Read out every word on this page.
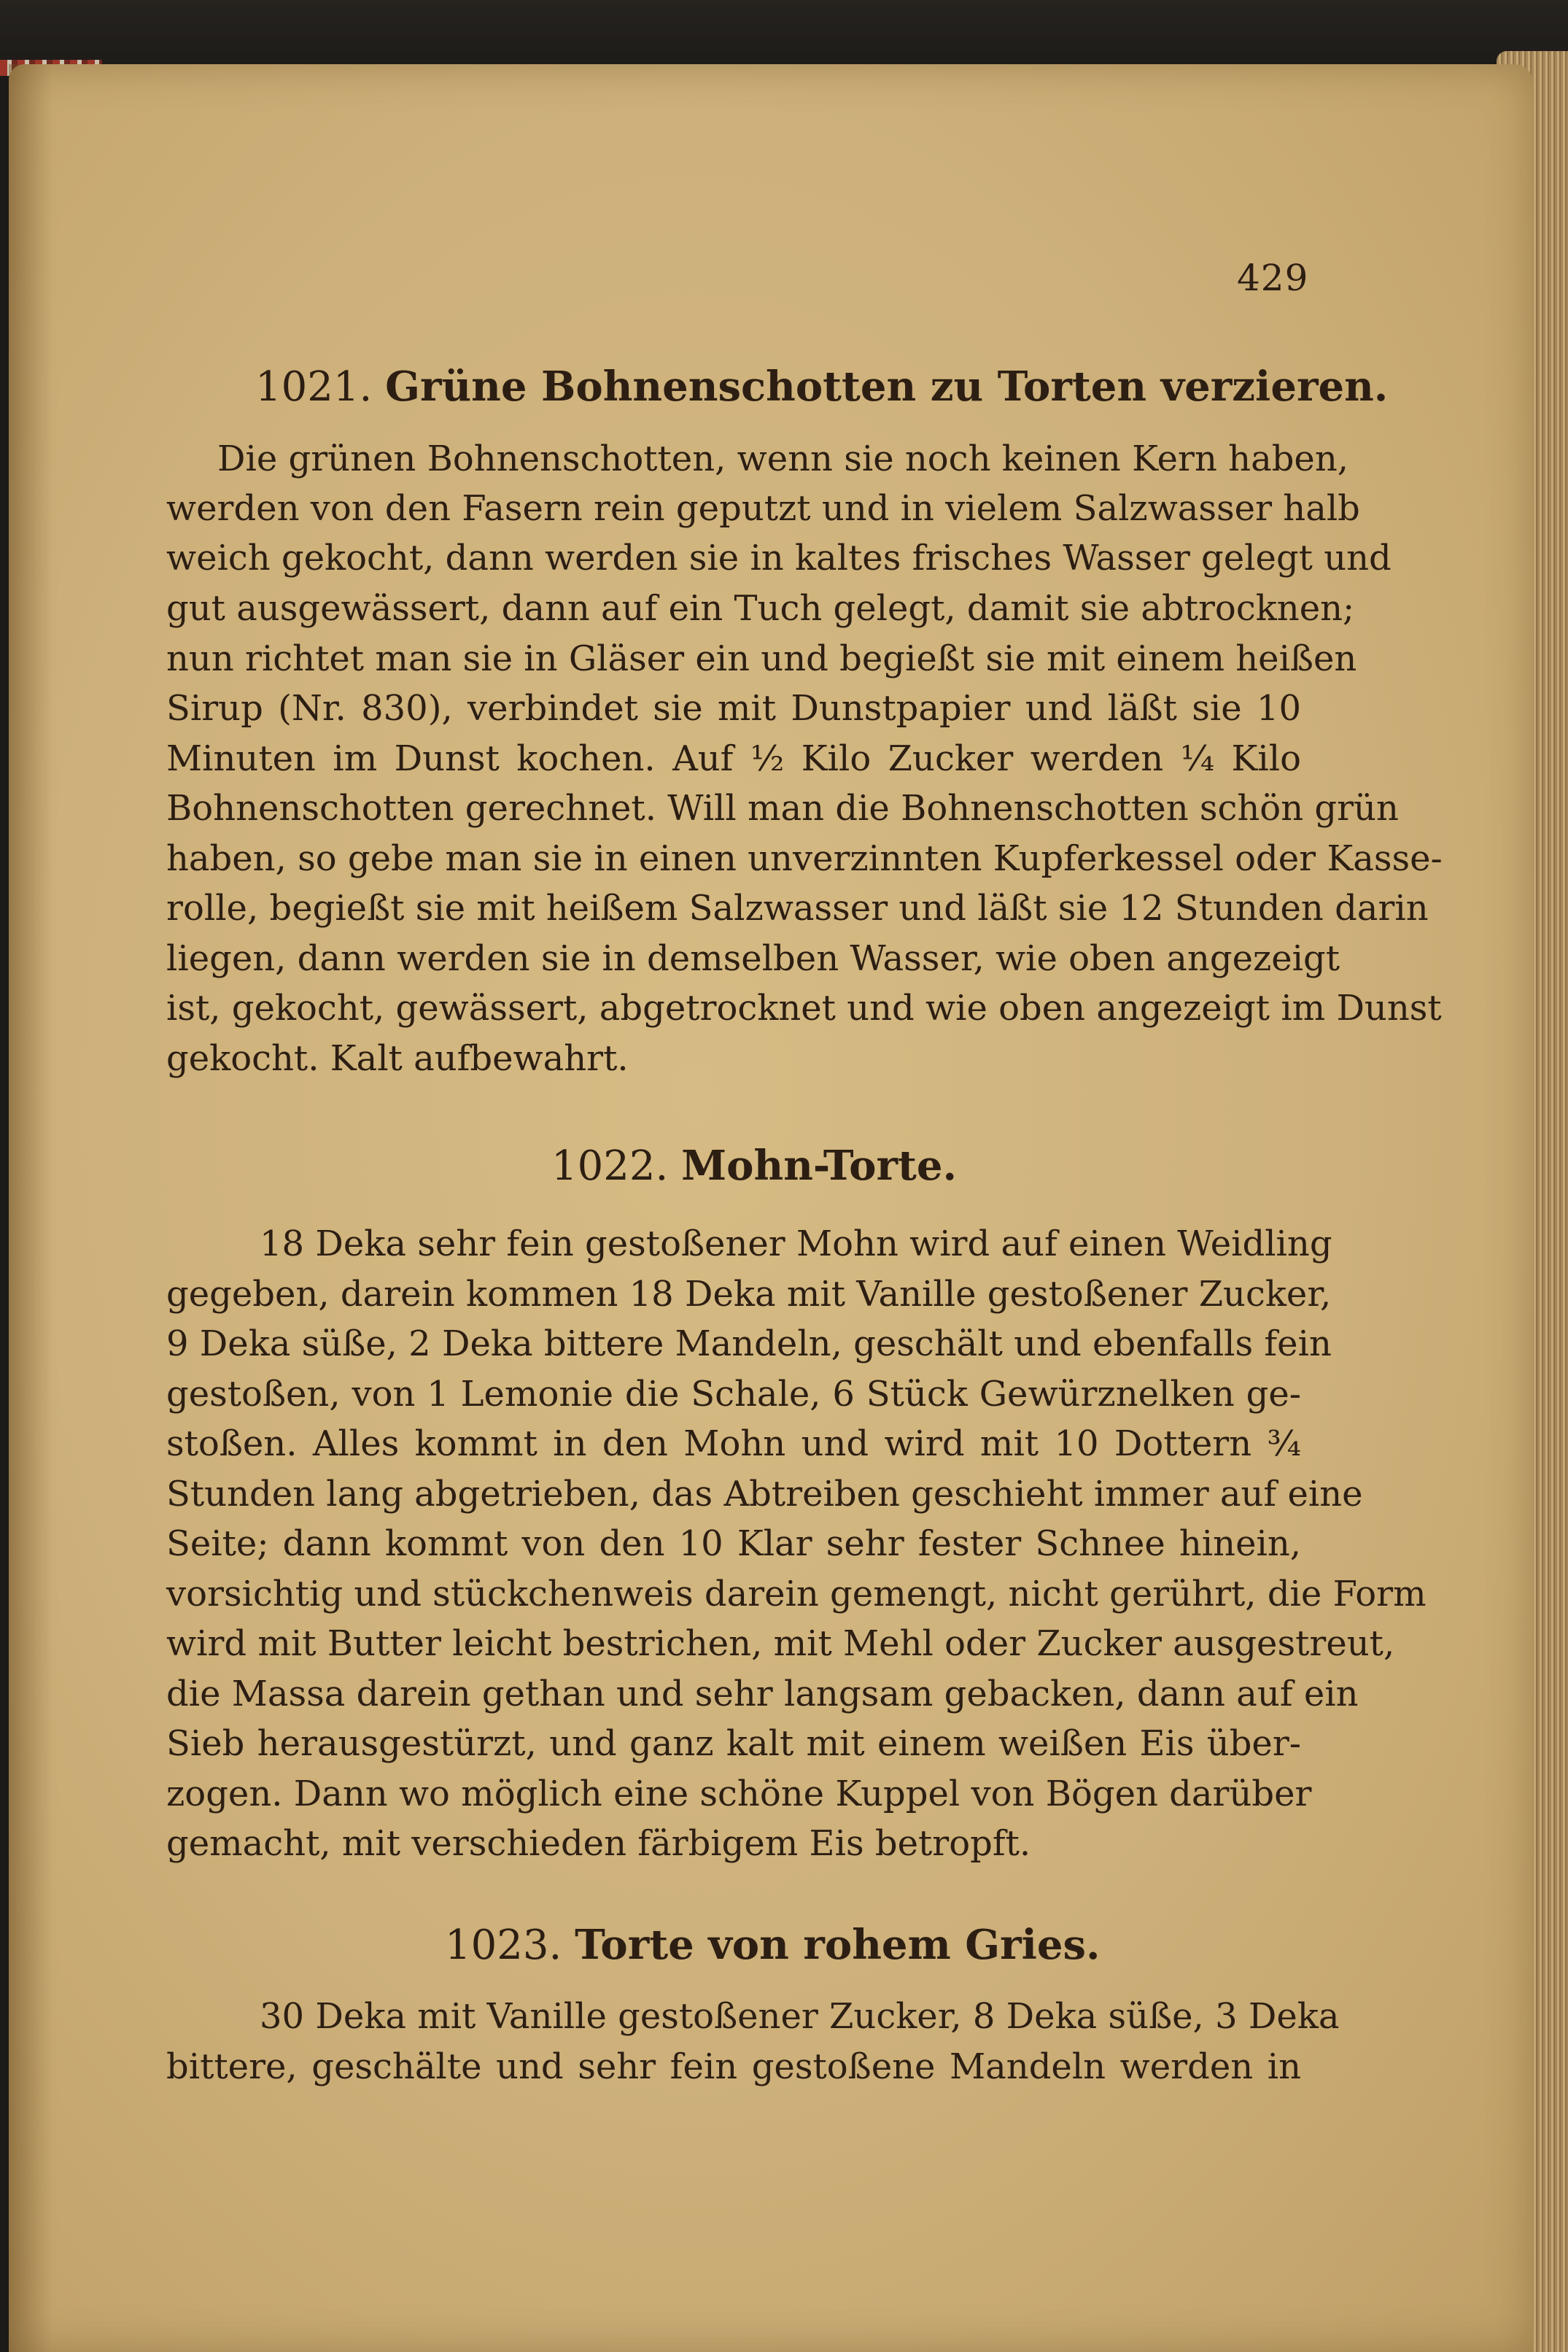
429
1021. Grüne Bohnenschotten zu Torten verzieren.
Die grünen Bohnenschotten, wenn sie noch keinen Kern haben,
werden von den Fasern rein geputzt und in vielem Salzwasser halb
weich gekocht, dann werden sie in kaltes frisches Wasser gelegt und
gut ausgewässert, dann auf ein Tuch gelegt, damit sie abtrocknen;
nun richtet man sie in Gläser ein und begießt sie mit einem heißen
Sirup (Nr. 830), verbindet sie mit Dunstpapier und läßt sie 10
Minuten im Dunst kochen. Auf ½ Kilo Zucker werden ¼ Kilo
Bohnenschotten gerechnet. Will man die Bohnenschotten schön grün
haben, so gebe man sie in einen unverzinnten Kupferkessel oder Kasse-
rolle, begießt sie mit heißem Salzwasser und läßt sie 12 Stunden darin
liegen, dann werden sie in demselben Wasser, wie oben angezeigt
ist, gekocht, gewässert, abgetrocknet und wie oben angezeigt im Dunst
gekocht. Kalt aufbewahrt.
1022. Mohn-Torte.
18 Deka sehr fein gestoßener Mohn wird auf einen Weidling
gegeben, darein kommen 18 Deka mit Vanille gestoßener Zucker,
9 Deka süße, 2 Deka bittere Mandeln, geschält und ebenfalls fein
gestoßen, von 1 Lemonie die Schale, 6 Stück Gewürznelken ge-
stoßen. Alles kommt in den Mohn und wird mit 10 Dottern ¾
Stunden lang abgetrieben, das Abtreiben geschieht immer auf eine
Seite; dann kommt von den 10 Klar sehr fester Schnee hinein,
vorsichtig und stückchenweis darein gemengt, nicht gerührt, die Form
wird mit Butter leicht bestrichen, mit Mehl oder Zucker ausgestreut,
die Massa darein gethan und sehr langsam gebacken, dann auf ein
Sieb herausgestürzt, und ganz kalt mit einem weißen Eis über-
zogen. Dann wo möglich eine schöne Kuppel von Bögen darüber
gemacht, mit verschieden färbigem Eis betropft.
1023. Torte von rohem Gries.
30 Deka mit Vanille gestoßener Zucker, 8 Deka süße, 3 Deka
bittere, geschälte und sehr fein gestoßene Mandeln werden in
